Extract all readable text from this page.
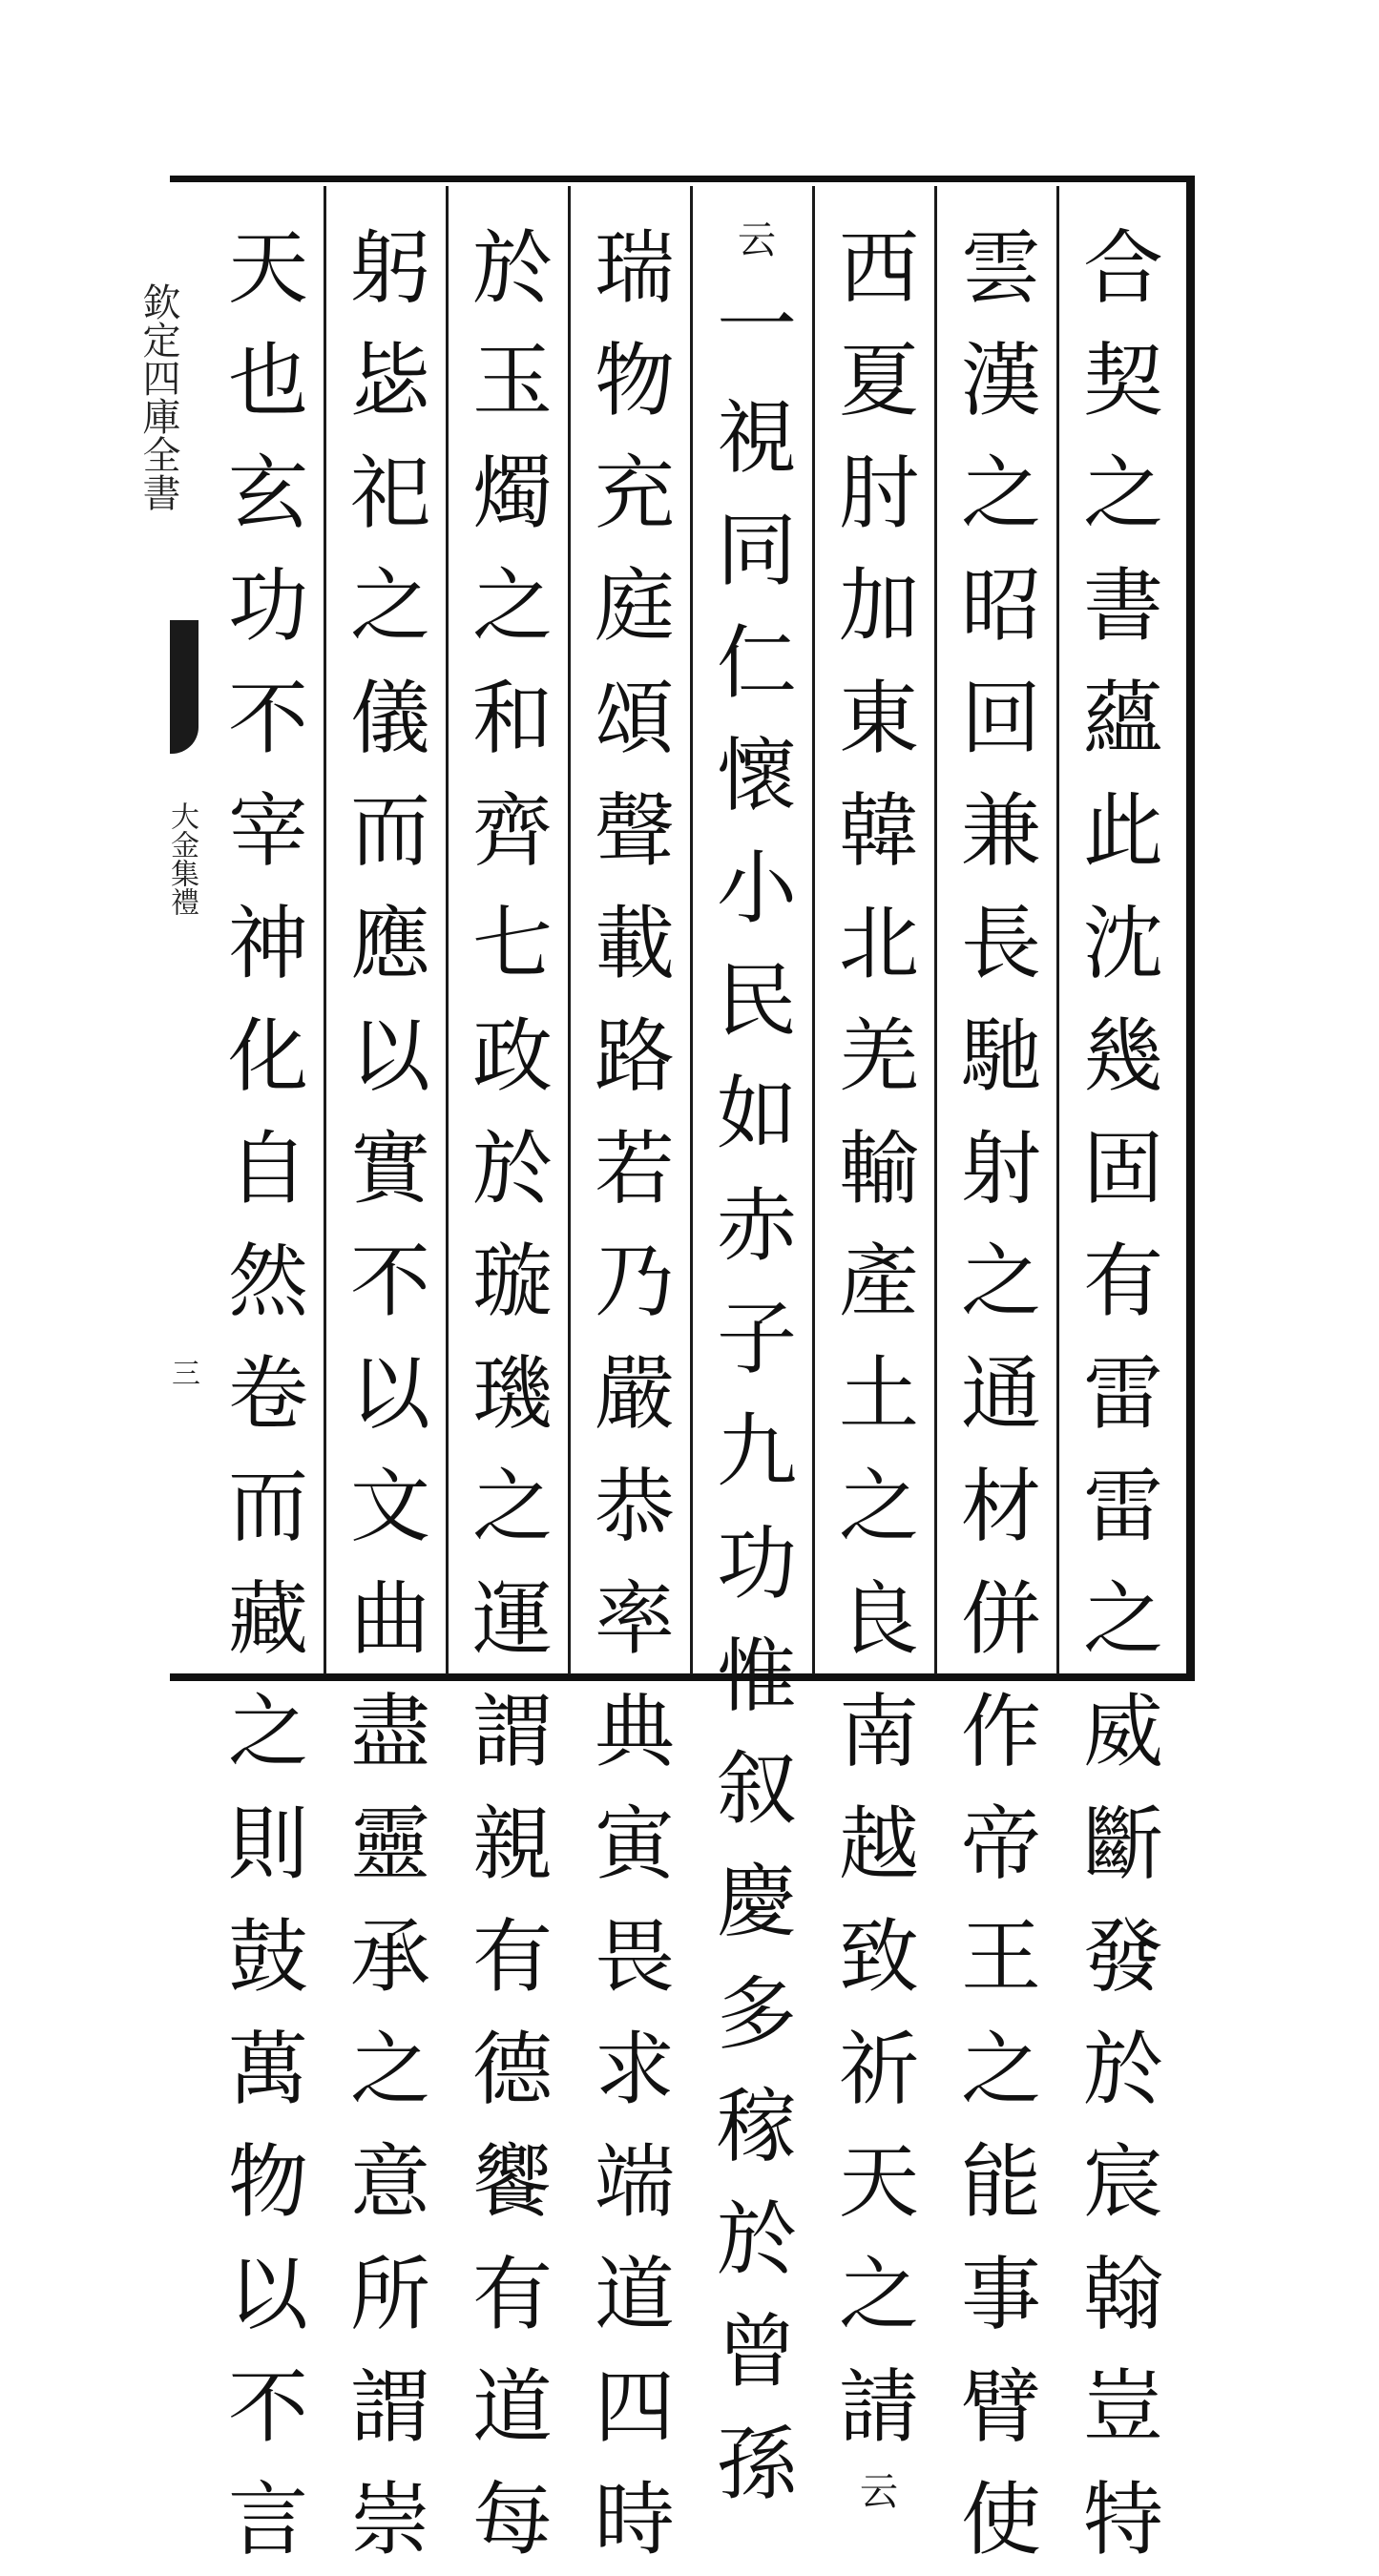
欽定四庫全書
大金集禮
三
合
契
之
書
蘊
此
沈
幾
固
有
雷
雷
之
威
斷
發
於
宸
翰
豈
特
雲
漢
之
昭
回
兼
長
馳
射
之
通
材
併
作
帝
王
之
能
事
臂
使
西
夏
肘
加
東
韓
北
羌
輸
產
土
之
良
南
越
致
祈
天
之
請
云
云
一
視
同
仁
懷
小
民
如
赤
子
九
功
惟
叙
慶
多
稼
於
曾
孫
瑞
物
充
庭
頌
聲
載
路
若
乃
嚴
恭
率
典
寅
畏
求
端
道
四
時
於
玉
燭
之
和
齊
七
政
於
璇
璣
之
運
謂
親
有
德
饗
有
道
每
躬
毖
祀
之
儀
而
應
以
實
不
以
文
曲
盡
靈
承
之
意
所
謂
崇
天
也
玄
功
不
宰
神
化
自
然
卷
而
藏
之
則
鼓
萬
物
以
不
言
